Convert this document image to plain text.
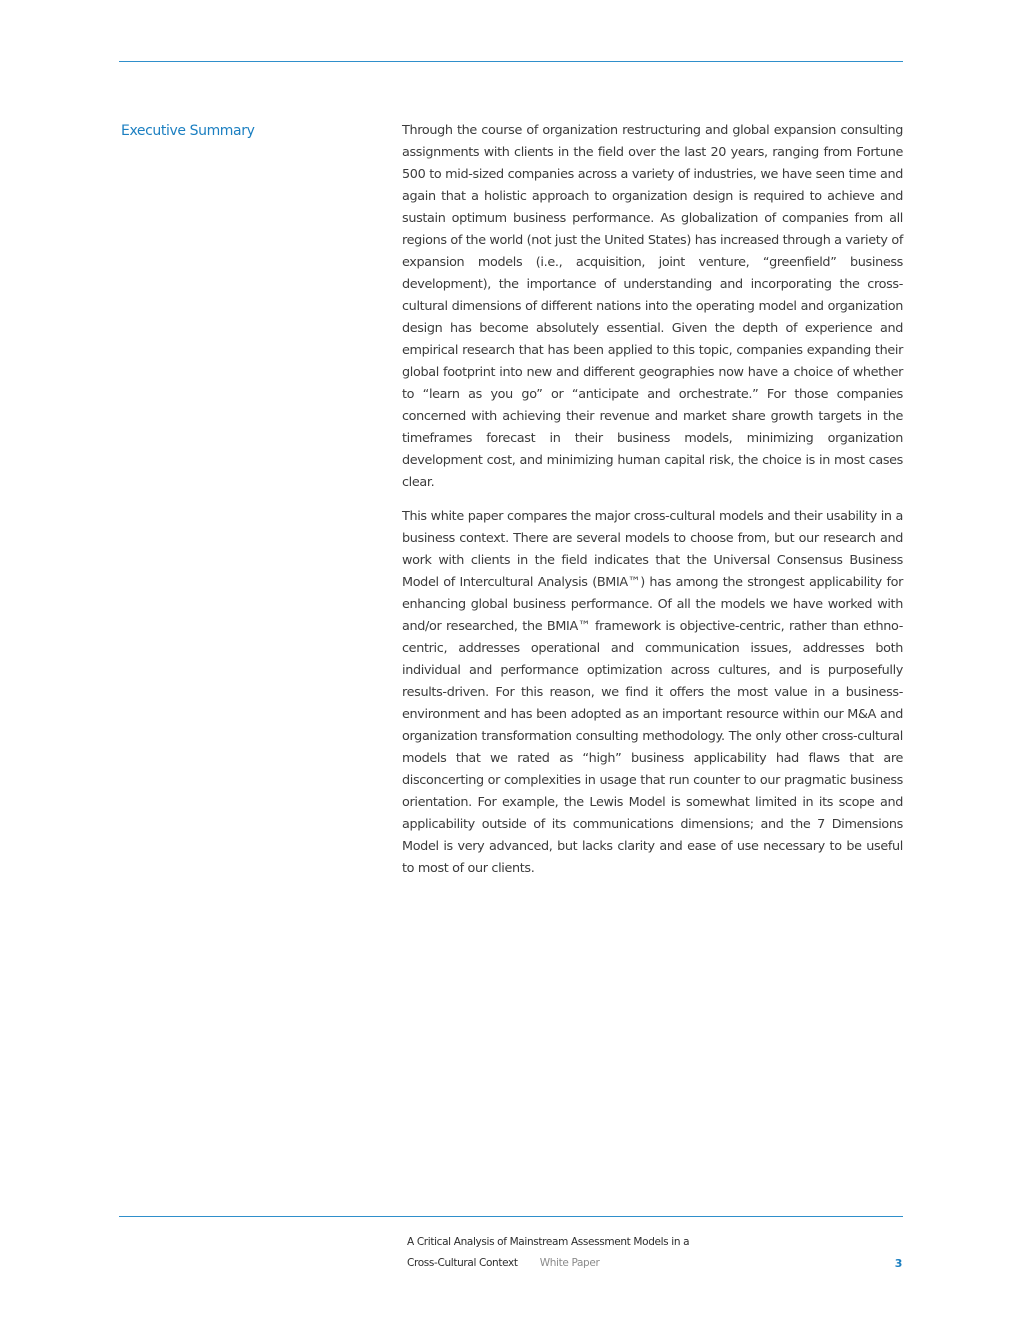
Executive Summary	Through the course of organization restructuring and global expansion consulting assignments with clients in the field over the last 20 years, ranging from Fortune 500 to mid-sized companies across a variety of industries, we have seen time and again that a holistic approach to organization design is required to achieve and sustain optimum business performance. As globalization of companies from all regions of the world (not just the United States) has increased through a variety of expansion models (i.e., acquisition, joint venture, “greenfield” business development), the importance of understanding and incorporating the cross-cultural dimensions of different nations into the operating model and organization design has become absolutely essential. Given the depth of experience and empirical research that has been applied to this topic, companies expanding their global footprint into new and different geographies now have a choice of whether to “learn as you go” or “anticipate and orchestrate.” For those companies concerned with achieving their revenue and market share growth targets in the timeframes forecast in their business models, minimizing organization development cost, and minimizing human capital risk, the choice is in most cases clear.

This white paper compares the major cross-cultural models and their usability in a business context. There are several models to choose from, but our research and work with clients in the field indicates that the Universal Consensus Business Model of Intercultural Analysis (BMIA™) has among the strongest applicability for enhancing global business performance. Of all the models we have worked with and/or researched, the BMIA™ framework is objective-centric, rather than ethno-centric, addresses operational and communication issues, addresses both individual and performance optimization across cultures, and is purposefully results-driven. For this reason, we find it offers the most value in a business-environment and has been adopted as an important resource within our M&A and organization transformation consulting methodology. The only other cross-cultural models that we rated as “high” business applicability had flaws that are disconcerting or complexities in usage that run counter to our pragmatic business orientation. For example, the Lewis Model is somewhat limited in its scope and applicability outside of its communications dimensions; and the 7 Dimensions Model is very advanced, but lacks clarity and ease of use necessary to be useful to most of our clients.

A Critical Analysis of Mainstream Assessment Models in a
Cross-Cultural Context White Paper	3
